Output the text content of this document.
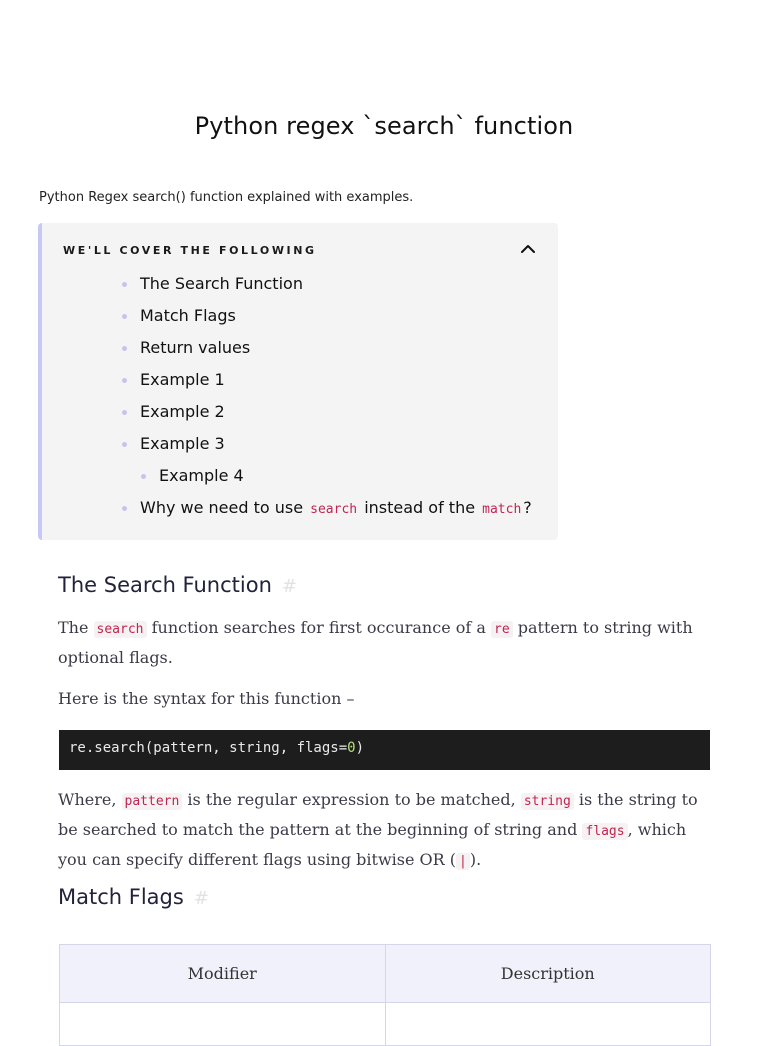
Python regex `search` function
Python Regex search() function explained with examples.
WE'LL COVER THE FOLLOWING
The Search Function
Match Flags
Return values
Example 1
Example 2
Example 3
Example 4
Why we need to use search instead of the match ?
The Search Function #

The search function searches for first occurance of a re pattern to string with optional flags.

Here is the syntax for this function –

re.search(pattern, string, flags=0)

Where, pattern is the regular expression to be matched, string is the string to be searched to match the pattern at the beginning of string and flags , which you can specify different flags using bitwise OR ( | ).

Match Flags #
Modifier	Description
